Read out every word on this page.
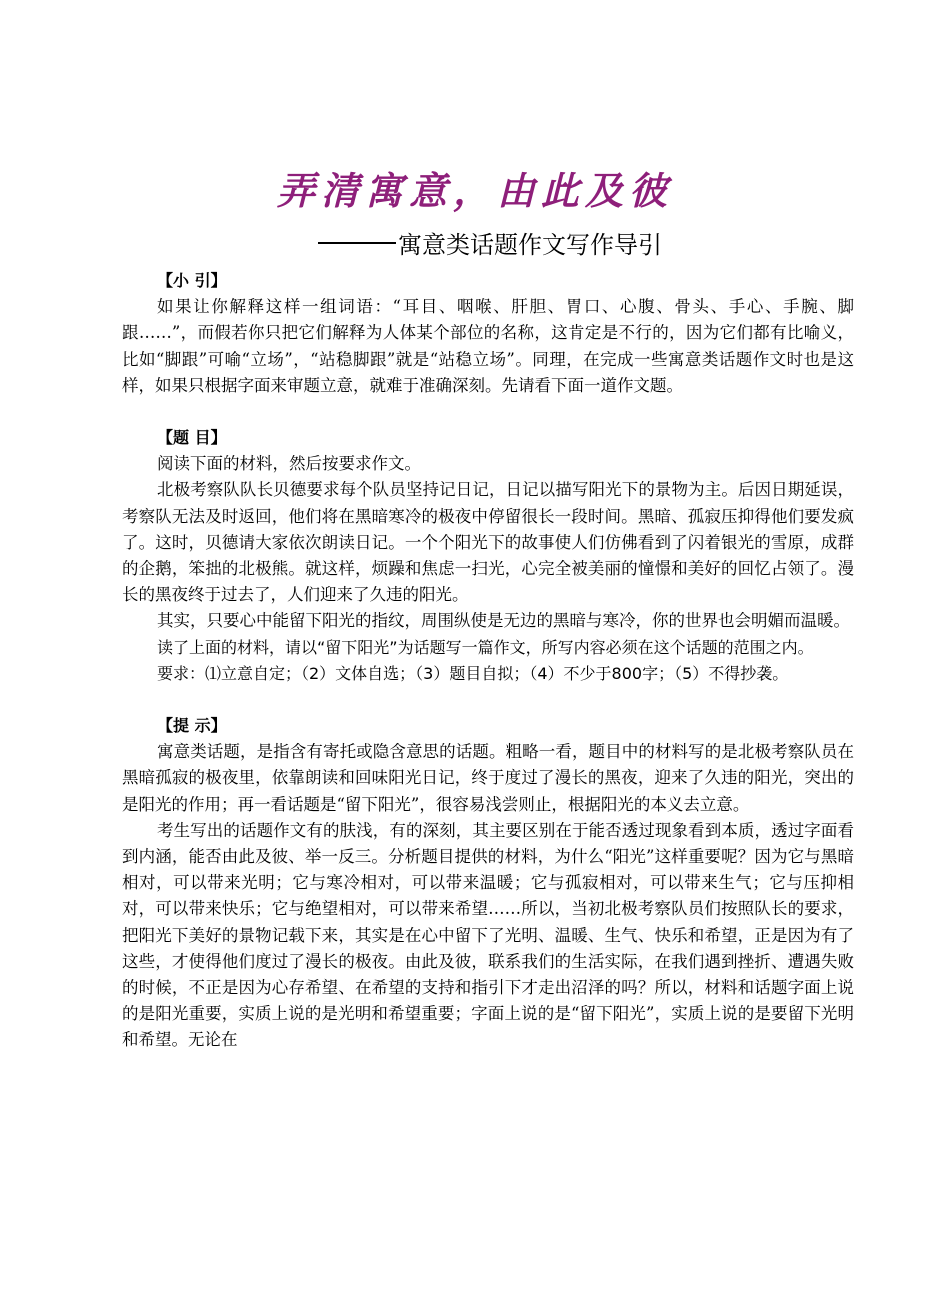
弄清寓意，由此及彼
寓意类话题作文写作导引

【小 引】

如果让你解释这样一组词语：“耳目、咽喉、肝胆、胃口、心腹、骨头、手心、手腕、脚跟……”，而假若你只把它们解释为人体某个部位的名称，这肯定是不行的，因为它们都有比喻义，比如“脚跟”可喻“立场”，“站稳脚跟”就是“站稳立场”。同理，在完成一些寓意类话题作文时也是这样，如果只根据字面来审题立意，就难于准确深刻。先请看下面一道作文题。

【题 目】

阅读下面的材料，然后按要求作文。

北极考察队队长贝德要求每个队员坚持记日记，日记以描写阳光下的景物为主。后因日期延误，考察队无法及时返回，他们将在黑暗寒冷的极夜中停留很长一段时间。黑暗、孤寂压抑得他们要发疯了。这时，贝德请大家依次朗读日记。一个个阳光下的故事使人们仿佛看到了闪着银光的雪原，成群的企鹅，笨拙的北极熊。就这样，烦躁和焦虑一扫光，心完全被美丽的憧憬和美好的回忆占领了。漫长的黑夜终于过去了，人们迎来了久违的阳光。

其实，只要心中能留下阳光的指纹，周围纵使是无边的黑暗与寒冷，你的世界也会明媚而温暖。

读了上面的材料，请以“留下阳光”为话题写一篇作文，所写内容必须在这个话题的范围之内。

要求：⑴立意自定；（2）文体自选；（3）题目自拟；（4）不少于800字；（5）不得抄袭。

【提 示】

寓意类话题，是指含有寄托或隐含意思的话题。粗略一看，题目中的材料写的是北极考察队员在黑暗孤寂的极夜里，依靠朗读和回味阳光日记，终于度过了漫长的黑夜，迎来了久违的阳光，突出的是阳光的作用；再一看话题是“留下阳光”，很容易浅尝则止，根据阳光的本义去立意。

考生写出的话题作文有的肤浅，有的深刻，其主要区别在于能否透过现象看到本质，透过字面看到内涵，能否由此及彼、举一反三。分析题目提供的材料，为什么“阳光”这样重要呢？因为它与黑暗相对，可以带来光明；它与寒冷相对，可以带来温暖；它与孤寂相对，可以带来生气；它与压抑相对，可以带来快乐；它与绝望相对，可以带来希望……所以，当初北极考察队员们按照队长的要求，把阳光下美好的景物记载下来，其实是在心中留下了光明、温暖、生气、快乐和希望，正是因为有了这些，才使得他们度过了漫长的极夜。由此及彼，联系我们的生活实际，在我们遇到挫折、遭遇失败的时候，不正是因为心存希望、在希望的支持和指引下才走出沼泽的吗？所以，材料和话题字面上说的是阳光重要，实质上说的是光明和希望重要；字面上说的是“留下阳光”，实质上说的是要留下光明和希望。无论在
